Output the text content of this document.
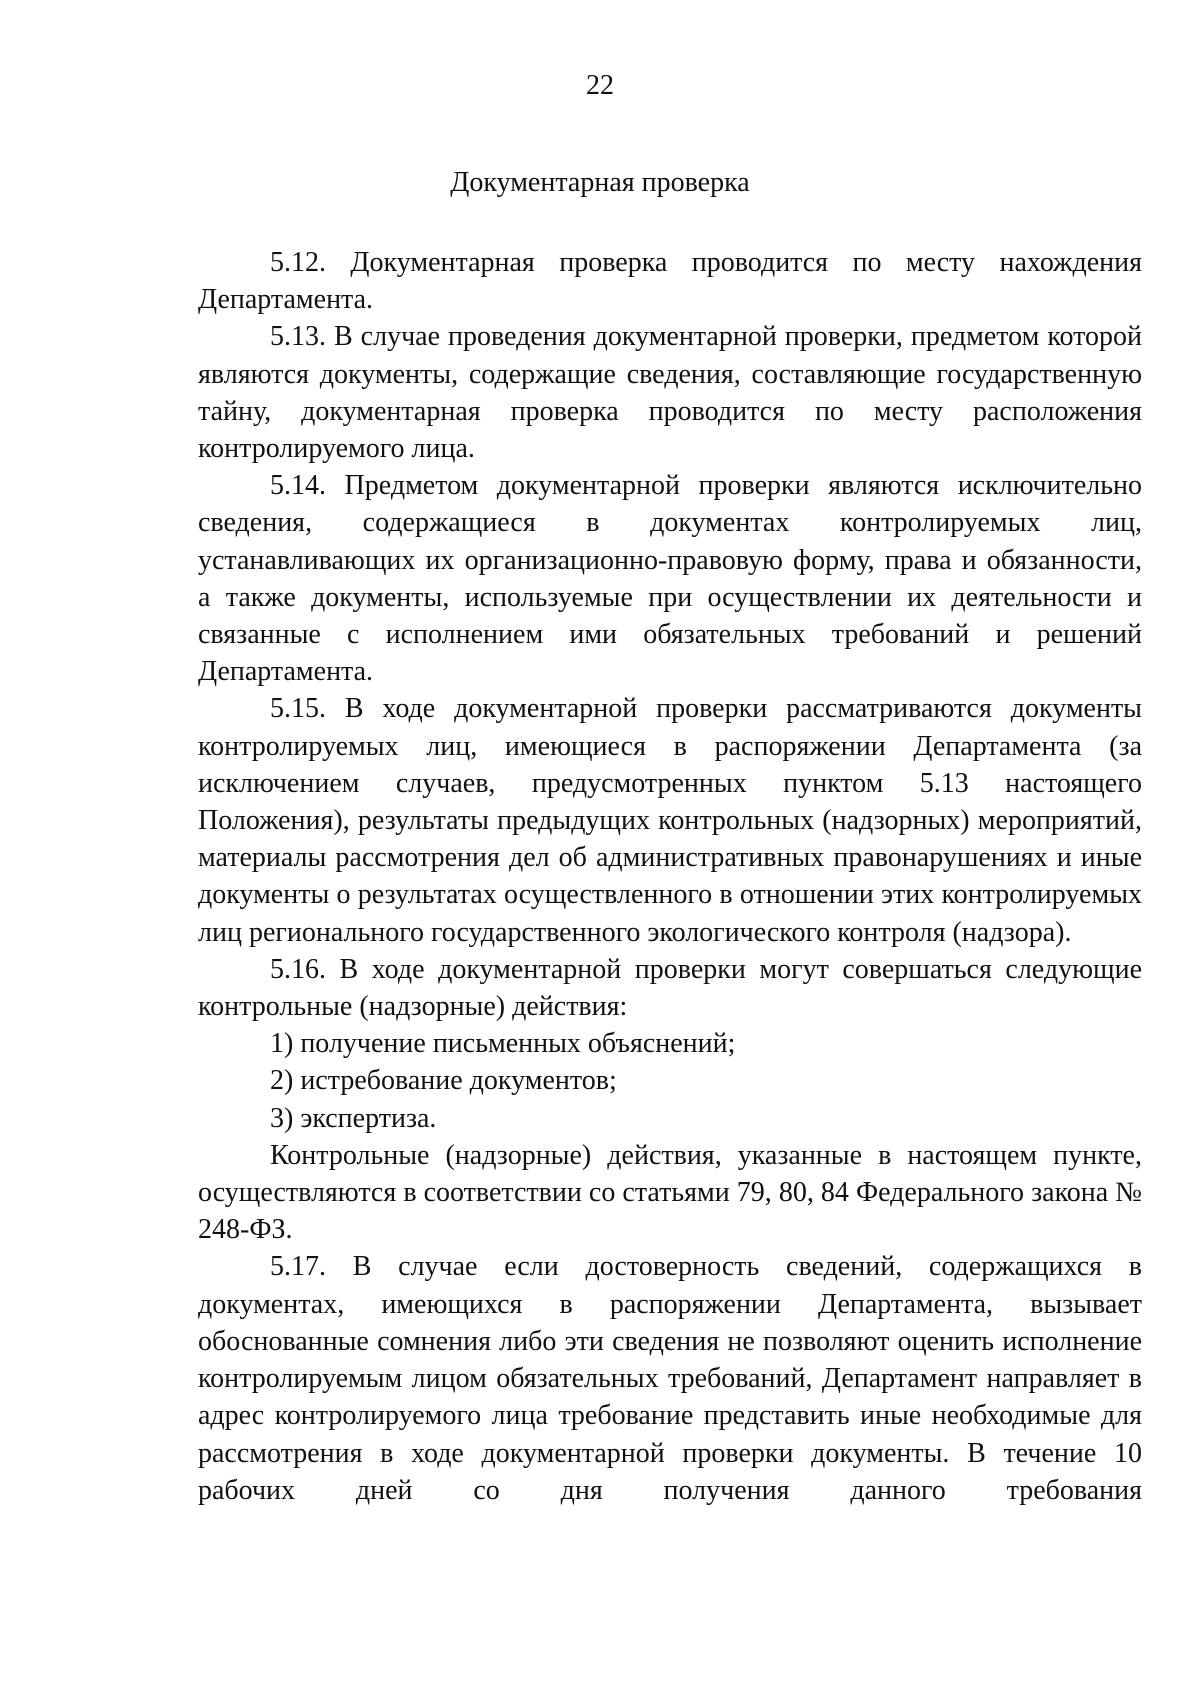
22
Документарная проверка

5.12. Документарная проверка проводится по месту нахождения Департамента.

5.13. В случае проведения документарной проверки, предметом которой являются документы, содержащие сведения, составляющие государственную тайну, документарная проверка проводится по месту расположения контролируемого лица.

5.14. Предметом документарной проверки являются исключительно сведения, содержащиеся в документах контролируемых лиц, устанавливающих их организационно-правовую форму, права и обязанности, а также документы, используемые при осуществлении их деятельности и связанные с исполнением ими обязательных требований и решений Департамента.

5.15. В ходе документарной проверки рассматриваются документы контролируемых лиц, имеющиеся в распоряжении Департамента (за исключением случаев, предусмотренных пунктом 5.13 настоящего Положения), результаты предыдущих контрольных (надзорных) мероприятий, материалы рассмотрения дел об административных правонарушениях и иные документы о результатах осуществленного в отношении этих контролируемых лиц регионального государственного экологического контроля (надзора).

5.16. В ходе документарной проверки могут совершаться следующие контрольные (надзорные) действия:

1) получение письменных объяснений;

2) истребование документов;

3) экспертиза.

Контрольные (надзорные) действия, указанные в настоящем пункте, осуществляются в соответствии со статьями 79, 80, 84 Федерального закона № 248-ФЗ.

5.17. В случае если достоверность сведений, содержащихся в документах, имеющихся в распоряжении Департамента, вызывает обоснованные сомнения либо эти сведения не позволяют оценить исполнение контролируемым лицом обязательных требований, Департамент направляет в адрес контролируемого лица требование представить иные необходимые для рассмотрения в ходе документарной проверки документы. В течение 10 рабочих дней со дня получения данного требования
